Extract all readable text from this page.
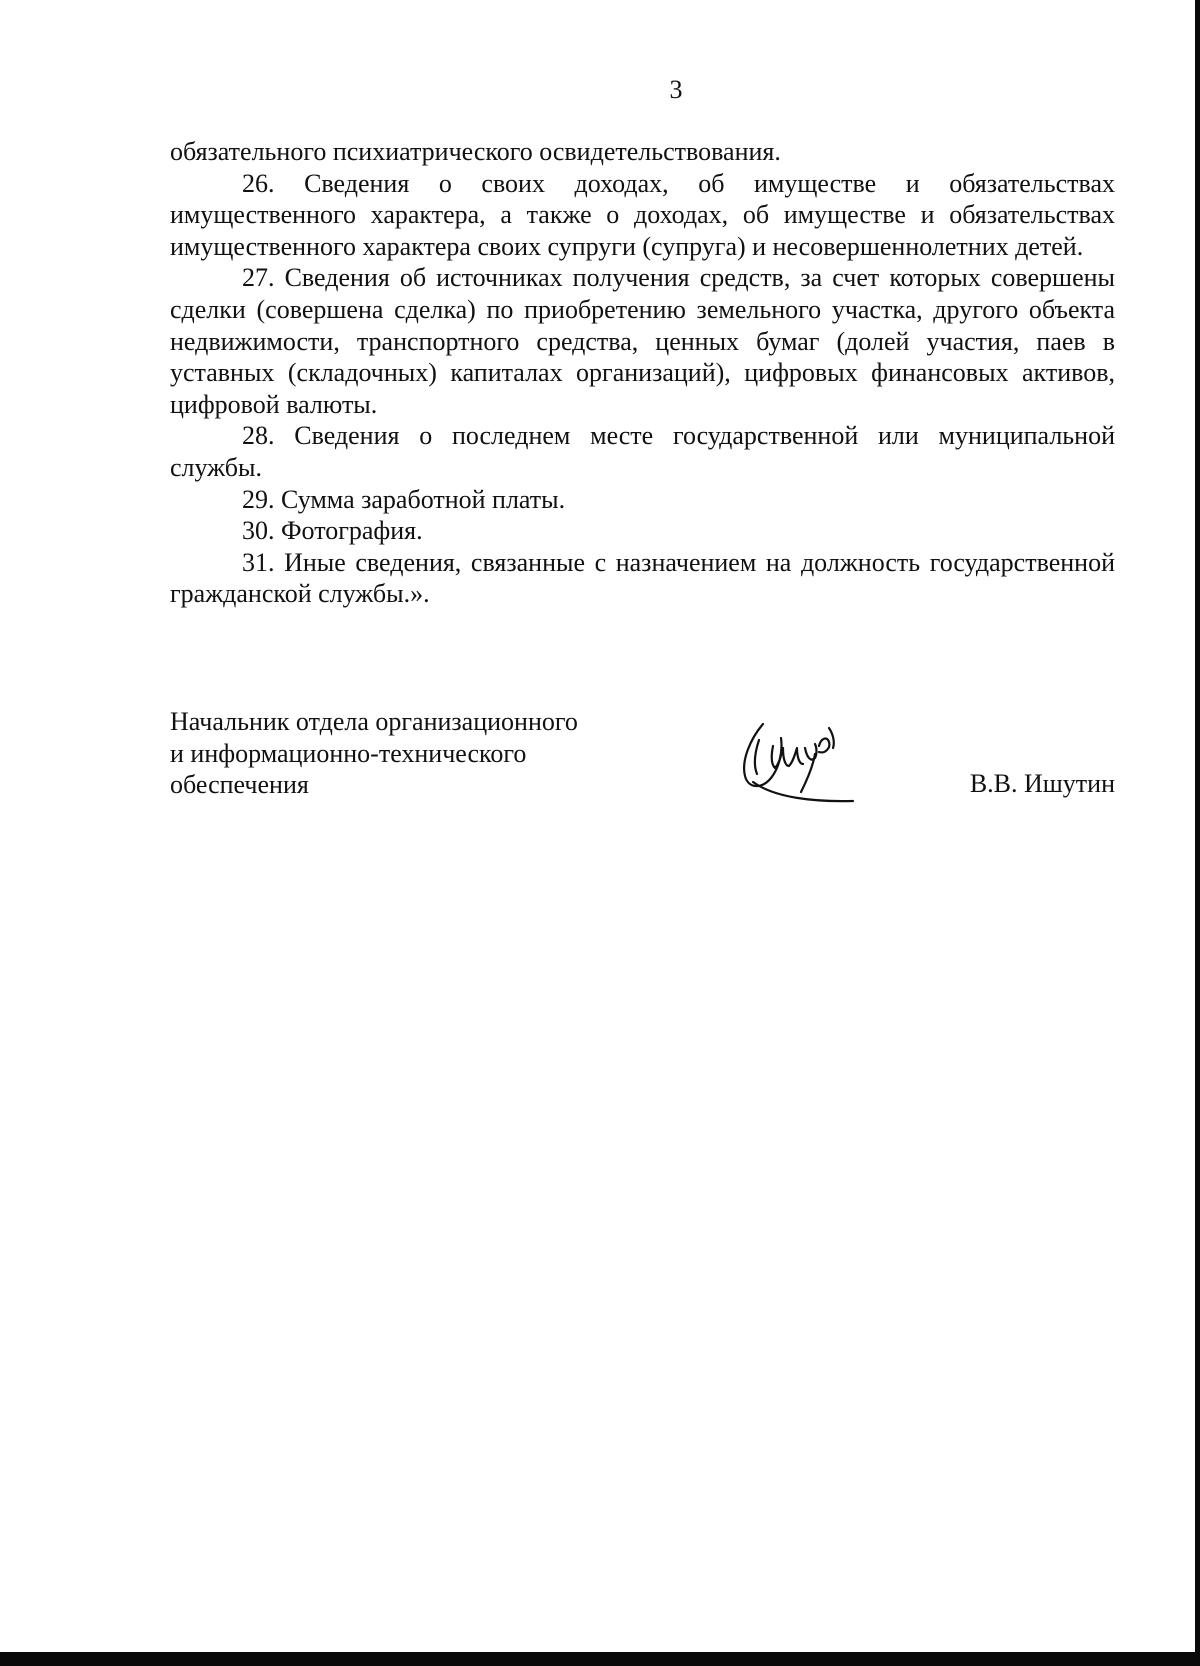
3

обязательного психиатрического освидетельствования.

26. Сведения о своих доходах, об имуществе и обязательствах имущественного характера, а также о доходах, об имуществе и обязательствах имущественного характера своих супруги (супруга) и несовершеннолетних детей.

27. Сведения об источниках получения средств, за счет которых совершены сделки (совершена сделка) по приобретению земельного участка, другого объекта недвижимости, транспортного средства, ценных бумаг (долей участия, паев в уставных (складочных) капиталах организаций), цифровых финансовых активов, цифровой валюты.

28. Сведения о последнем месте государственной или муниципальной службы.

29. Сумма заработной платы.

30. Фотография.

31. Иные сведения, связанные с назначением на должность государственной гражданской службы.».

Начальник отдела организационного
и информационно-технического
обеспечения	В.В. Ишутин
